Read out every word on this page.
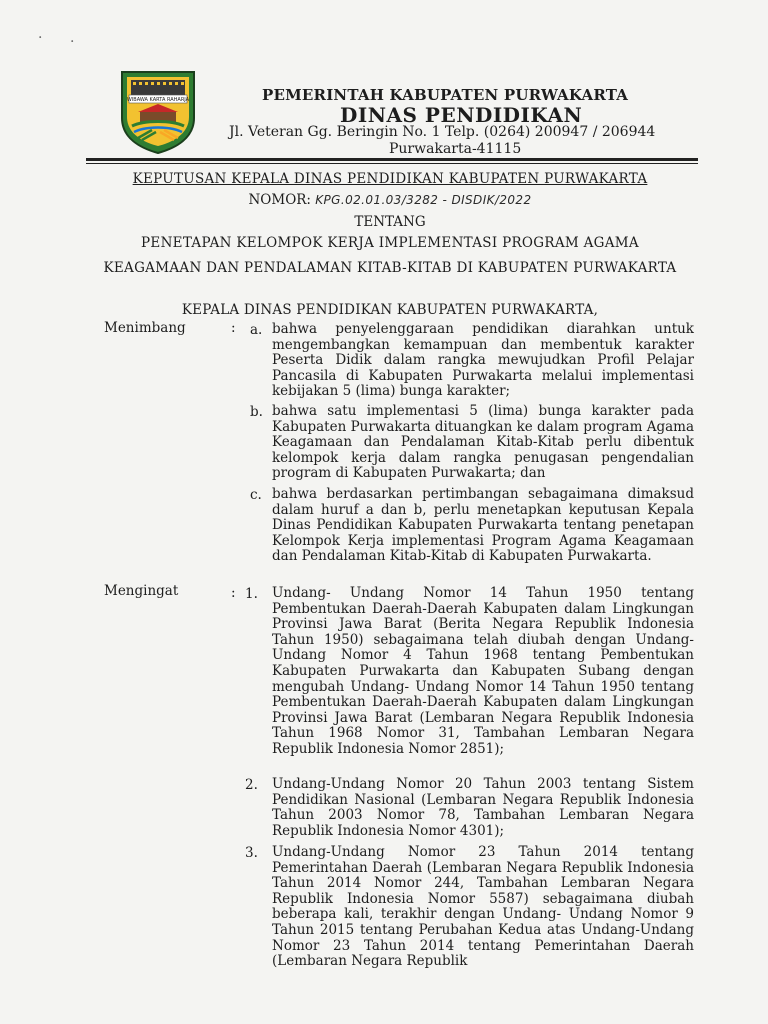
WIBAWA KARTA RAHARJA	PEMERINTAH KABUPATEN PURWAKARTA
DINAS PENDIDIKAN
Jl. Veteran Gg. Beringin No. 1 Telp. (0264) 200947 / 206944
Purwakarta-41115
KEPUTUSAN KEPALA DINAS PENDIDIKAN KABUPATEN PURWAKARTA
NOMOR: KPG.02.01.03/3282 - DISDIK/2022
TENTANG
PENETAPAN KELOMPOK KERJA IMPLEMENTASI PROGRAM AGAMA
KEAGAMAAN DAN PENDALAMAN KITAB-KITAB DI KABUPATEN PURWAKARTA
KEPALA DINAS PENDIDIKAN KABUPATEN PURWAKARTA,
Menimbang	: a. bahwa penyelenggaraan pendidikan diarahkan untuk mengembangkan kemampuan dan membentuk karakter Peserta Didik dalam rangka mewujudkan Profil Pelajar Pancasila di Kabupaten Purwakarta melalui implementasi kebijakan 5 (lima) bunga karakter;
b. bahwa satu implementasi 5 (lima) bunga karakter pada Kabupaten Purwakarta dituangkan ke dalam program Agama Keagamaan dan Pendalaman Kitab-Kitab perlu dibentuk kelompok kerja dalam rangka penugasan pengendalian program di Kabupaten Purwakarta; dan
c. bahwa berdasarkan pertimbangan sebagaimana dimaksud dalam huruf a dan b, perlu menetapkan keputusan Kepala Dinas Pendidikan Kabupaten Purwakarta tentang penetapan Kelompok Kerja implementasi Program Agama Keagamaan dan Pendalaman Kitab-Kitab di Kabupaten Purwakarta.
Mengingat	: 1. Undang- Undang Nomor 14 Tahun 1950 tentang Pembentukan Daerah-Daerah Kabupaten dalam Lingkungan Provinsi Jawa Barat (Berita Negara Republik Indonesia Tahun 1950) sebagaimana telah diubah dengan Undang- Undang Nomor 4 Tahun 1968 tentang Pembentukan Kabupaten Purwakarta dan Kabupaten Subang dengan mengubah Undang- Undang Nomor 14 Tahun 1950 tentang Pembentukan Daerah-Daerah Kabupaten dalam Lingkungan Provinsi Jawa Barat (Lembaran Negara Republik Indonesia Tahun 1968 Nomor 31, Tambahan Lembaran Negara Republik Indonesia Nomor 2851);
2. Undang-Undang Nomor 20 Tahun 2003 tentang Sistem Pendidikan Nasional (Lembaran Negara Republik Indonesia Tahun 2003 Nomor 78, Tambahan Lembaran Negara Republik Indonesia Nomor 4301);
3. Undang-Undang Nomor 23 Tahun 2014 tentang Pemerintahan Daerah (Lembaran Negara Republik Indonesia Tahun 2014 Nomor 244, Tambahan Lembaran Negara Republik Indonesia Nomor 5587) sebagaimana diubah beberapa kali, terakhir dengan Undang- Undang Nomor 9 Tahun 2015 tentang Perubahan Kedua atas Undang-Undang Nomor 23 Tahun 2014 tentang Pemerintahan Daerah (Lembaran Negara Republik
· ·
